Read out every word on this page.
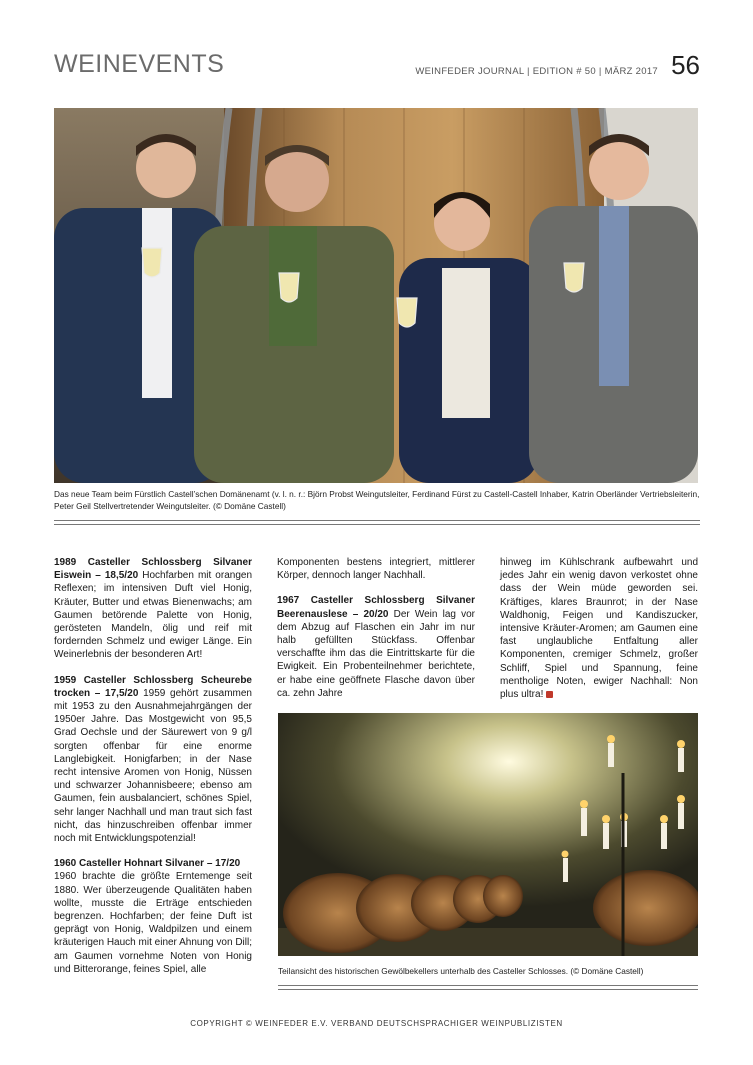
WEINEVENTS	WEINFEDER JOURNAL | EDITION # 50 | MÄRZ 2017 56
Das neue Team beim Fürstlich Castell’schen Domänenamt (v. l. n. r.: Björn Probst Weingutsleiter, Ferdinand Fürst zu Castell-Castell Inhaber, Katrin Oberländer Vertriebsleiterin, Peter Geil Stellvertretender Weingutsleiter. (© Domäne Castell)

1989 Casteller Schlossberg Silvaner Eiswein – 18,5/20 Hochfarben mit orangen Reflexen; im intensiven Duft viel Honig, Kräuter, Butter und etwas Bienenwachs; am Gaumen betörende Palette von Honig, gerösteten Mandeln, ölig und reif mit fordernden Schmelz und ewiger Länge. Ein Weinerlebnis der besonderen Art!

1959 Casteller Schlossberg Scheurebe trocken – 17,5/20 1959 gehört zusammen mit 1953 zu den Ausnahmejahrgängen der 1950er Jahre. Das Mostgewicht von 95,5 Grad Oechsle und der Säurewert von 9 g/l sorgten offenbar für eine enorme Langlebigkeit. Honigfarben; in der Nase recht intensive Aromen von Honig, Nüssen und schwarzer Johannisbeere; ebenso am Gaumen, fein ausbalanciert, schönes Spiel, sehr langer Nachhall und man traut sich fast nicht, das hinzuschreiben offenbar immer noch mit Entwicklungspotenzial!

1960 Casteller Hohnart Silvaner – 17/20
1960 brachte die größte Erntemenge seit 1880. Wer überzeugende Qualitäten haben wollte, musste die Erträge entschieden begrenzen. Hochfarben; der feine Duft ist geprägt von Honig, Waldpilzen und einem kräuterigen Hauch mit einer Ahnung von Dill; am Gaumen vornehme Noten von Honig und Bitterorange, feines Spiel, alle

Komponenten bestens integriert, mittlerer Körper, dennoch langer Nachhall.

1967 Casteller Schlossberg Silvaner Beerenauslese – 20/20 Der Wein lag vor dem Abzug auf Flaschen ein Jahr im nur halb gefüllten Stückfass. Offenbar verschaffte ihm das die Eintrittskarte für die Ewigkeit. Ein Probenteilnehmer berichtete, er habe eine geöffnete Flasche davon über ca. zehn Jahre

hinweg im Kühlschrank aufbewahrt und jedes Jahr ein wenig davon verkostet ohne dass der Wein müde geworden sei. Kräftiges, klares Braunrot; in der Nase Waldhonig, Feigen und Kandiszucker, intensive Kräuter-Aromen; am Gaumen eine fast unglaubliche Entfaltung aller Komponenten, cremiger Schmelz, großer Schliff, Spiel und Spannung, feine mentholige Noten, ewiger Nachhall: Non plus ultra!

Teilansicht des historischen Gewölbekellers unterhalb des Casteller Schlosses. (© Domäne Castell)
COPYRIGHT © WEINFEDER E.V. VERBAND DEUTSCHSPRACHIGER WEINPUBLIZISTEN
